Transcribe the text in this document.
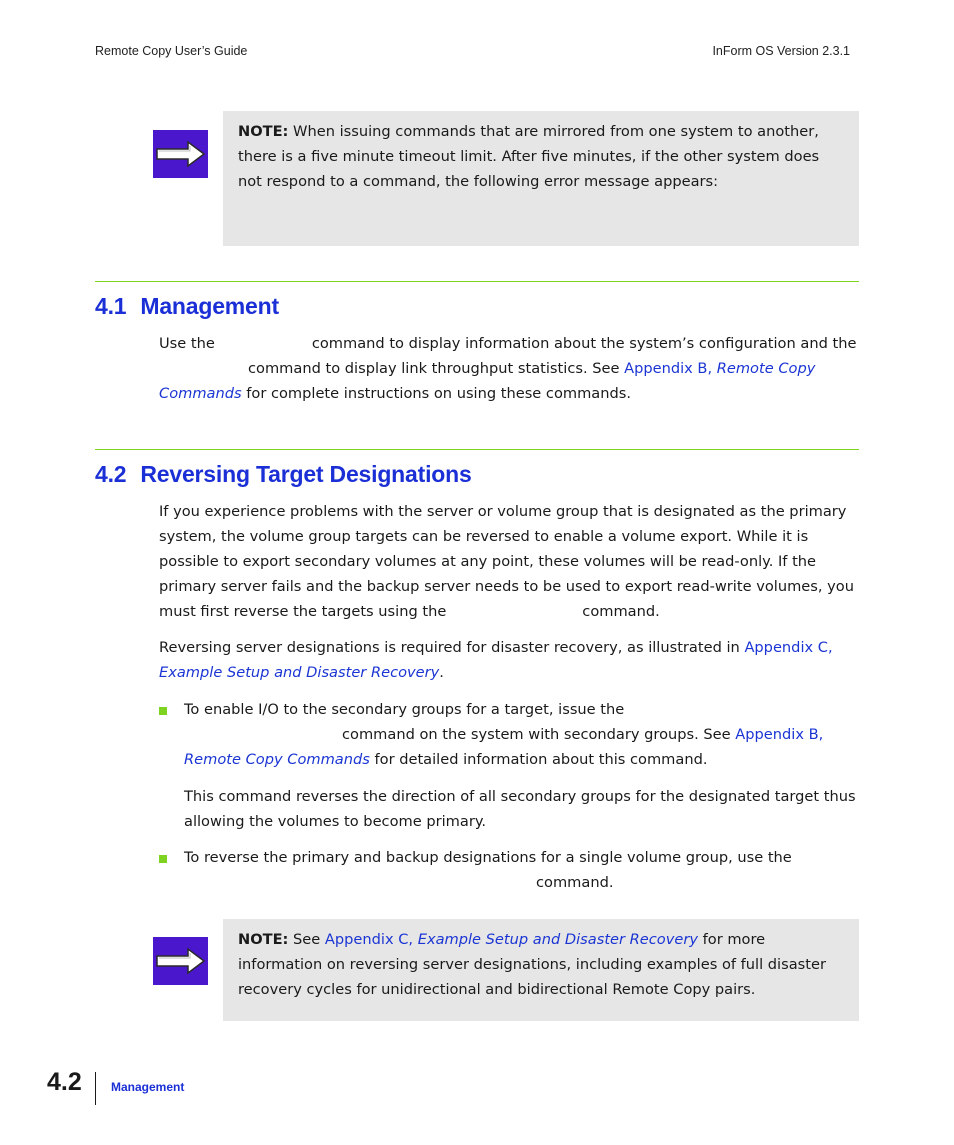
Remote Copy User’s Guide	InForm OS Version 2.3.1

NOTE: When issuing commands that are mirrored from one system to another, there is a five minute timeout limit. After five minutes, if the other system does not respond to a command, the following error message appears:

4.1 Management

Use the	command to display information about the system’s configuration and the
command to display link throughput statistics. See Appendix B, Remote Copy Commands for complete instructions on using these commands.

4.2 Reversing Target Designations

If you experience problems with the server or volume group that is designated as the primary system, the volume group targets can be reversed to enable a volume export. While it is possible to export secondary volumes at any point, these volumes will be read-only. If the primary server fails and the backup server needs to be used to export read-write volumes, you must first reverse the targets using the	command.

Reversing server designations is required for disaster recovery, as illustrated in Appendix C, Example Setup and Disaster Recovery.

To enable I/O to the secondary groups for a target, issue the
command on the system with secondary groups. See Appendix B,
Remote Copy Commands for detailed information about this command.

This command reverses the direction of all secondary groups for the designated target thus allowing the volumes to become primary.

To reverse the primary and backup designations for a single volume group, use the
command.

NOTE: See Appendix C, Example Setup and Disaster Recovery for more information on reversing server designations, including examples of full disaster recovery cycles for unidirectional and bidirectional Remote Copy pairs.

4.2 Management
